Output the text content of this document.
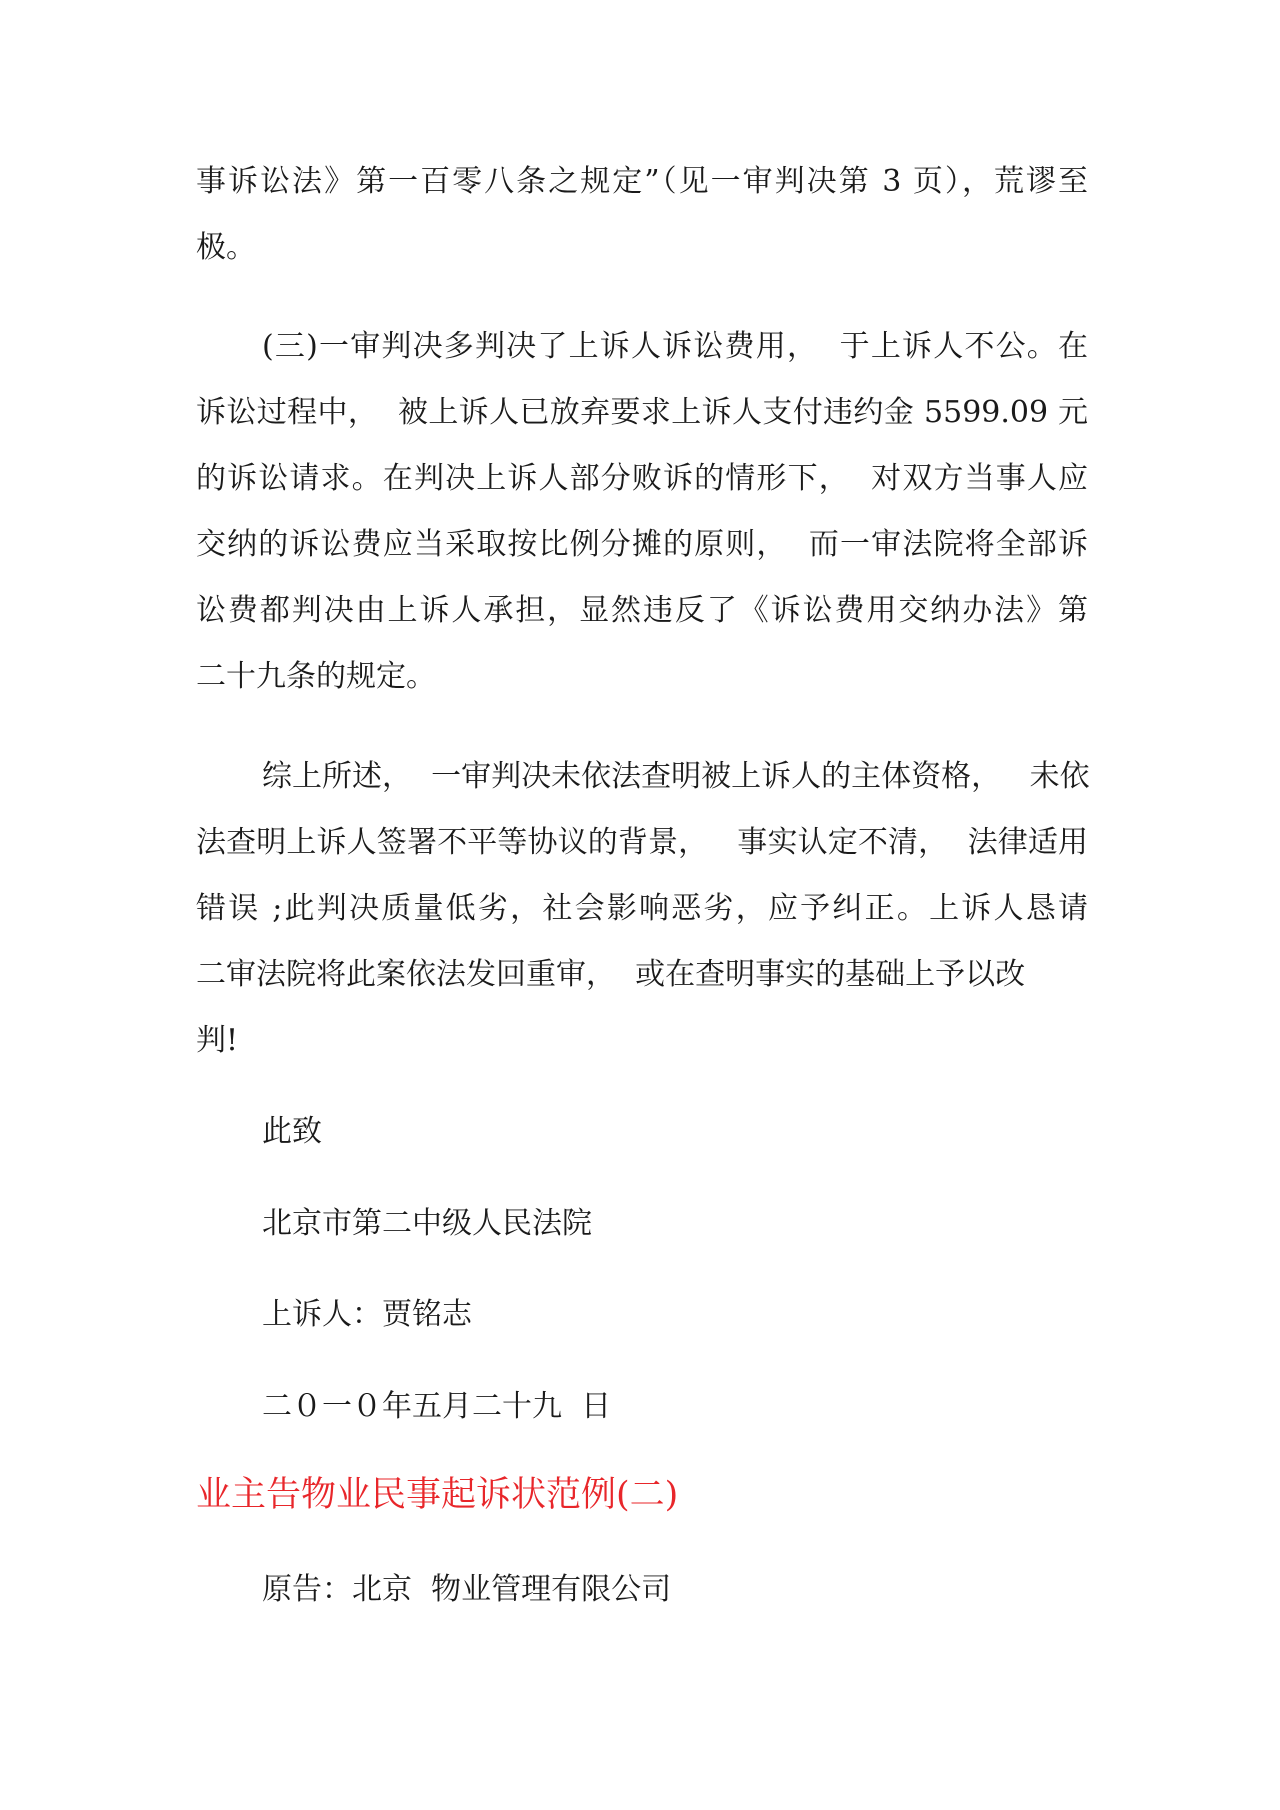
事诉讼法》第一百零八条之规定”（见一审判决第 3 页），荒谬至
极。
(三)一审判决多判决了上诉人诉讼费用，  于上诉人不公。在
诉讼过程中，  被上诉人已放弃要求上诉人支付违约金 5599.09 元
的诉讼请求。在判决上诉人部分败诉的情形下，  对双方当事人应
交纳的诉讼费应当采取按比例分摊的原则，  而一审法院将全部诉
讼费都判决由上诉人承担，显然违反了《诉讼费用交纳办法》第
二十九条的规定。
综上所述，  一审判决未依法查明被上诉人的主体资格，   未依
法查明上诉人签署不平等协议的背景，   事实认定不清，  法律适用
错误 ;此判决质量低劣，社会影响恶劣，应予纠正。上诉人恳请
二审法院将此案依法发回重审，  或在查明事实的基础上予以改
判!
此致
北京市第二中级人民法院
上诉人：贾铭志
二０一０年五月二十九  日
业主告物业民事起诉状范例(二)
原告：北京  物业管理有限公司
